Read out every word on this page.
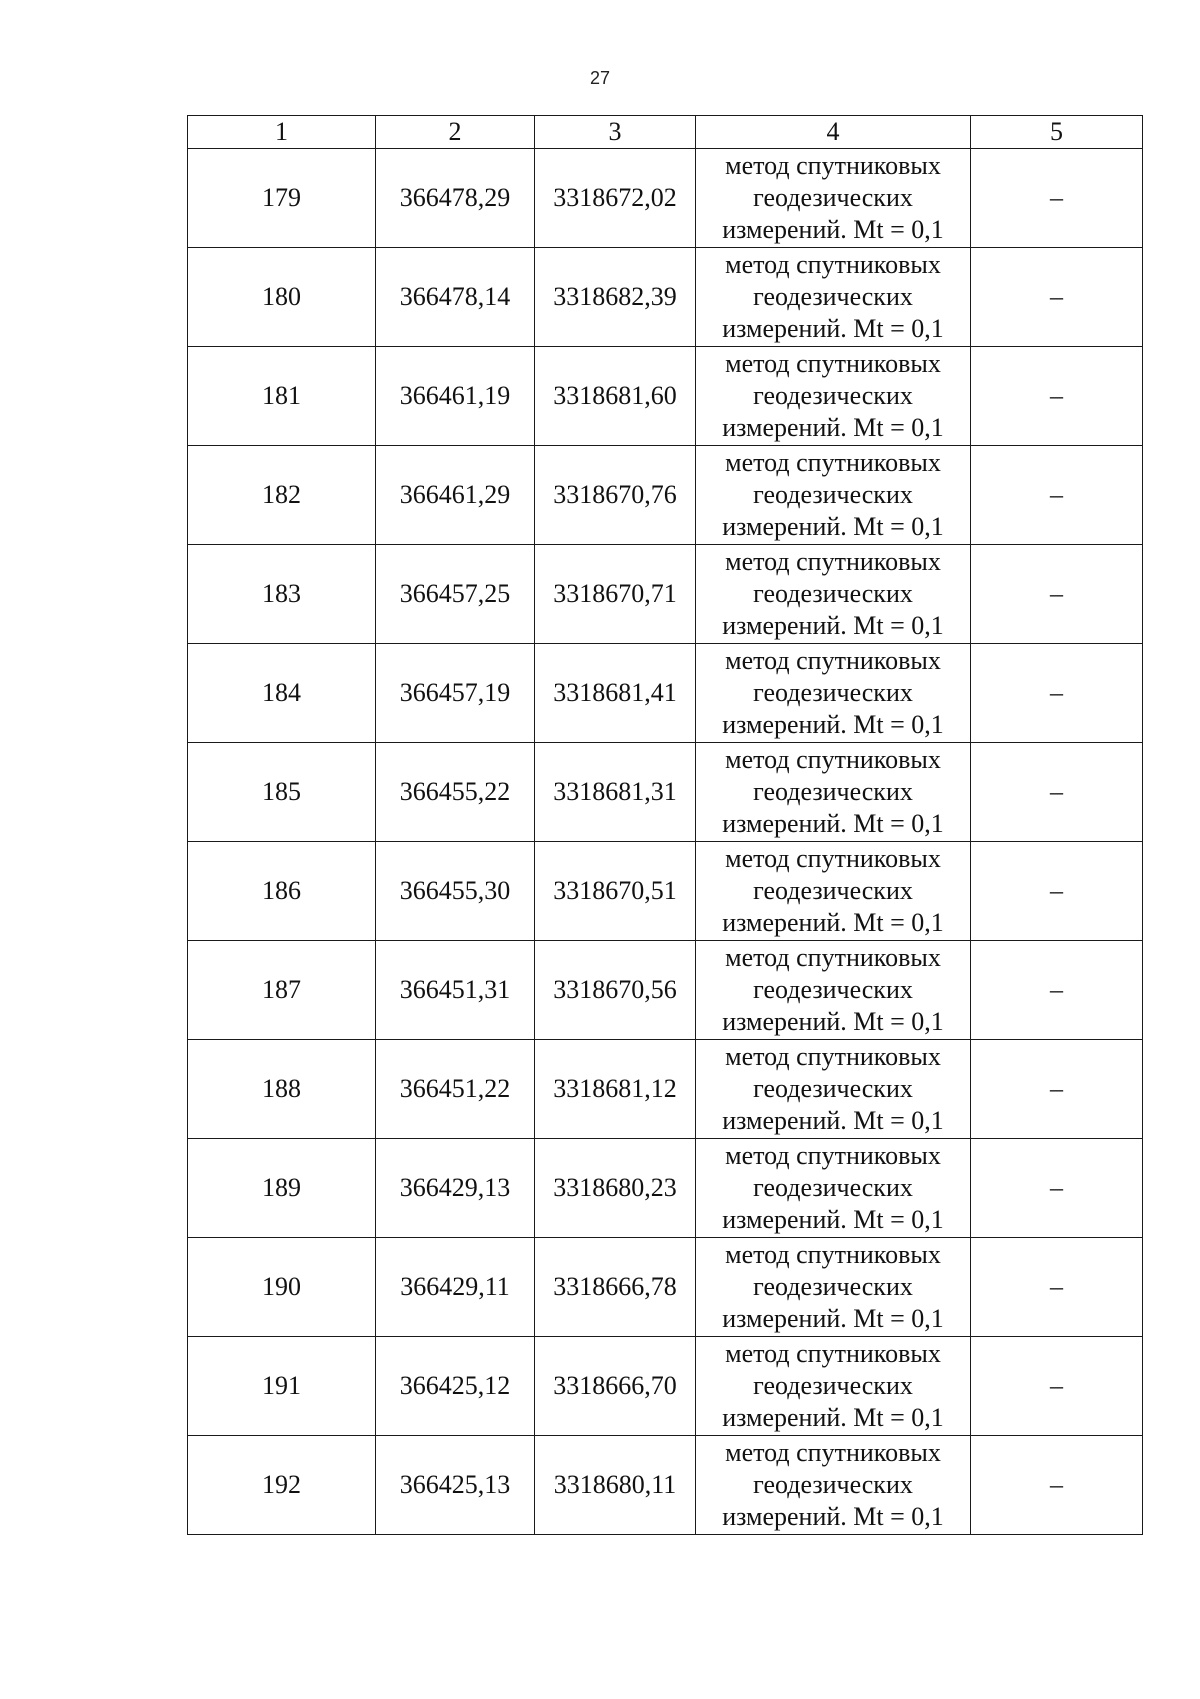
27
1	2	3	4	5
179	366478,29	3318672,02	метод спутниковых
геодезических
измерений. Mt = 0,1	–
180	366478,14	3318682,39	метод спутниковых
геодезических
измерений. Mt = 0,1	–
181	366461,19	3318681,60	метод спутниковых
геодезических
измерений. Mt = 0,1	–
182	366461,29	3318670,76	метод спутниковых
геодезических
измерений. Mt = 0,1	–
183	366457,25	3318670,71	метод спутниковых
геодезических
измерений. Mt = 0,1	–
184	366457,19	3318681,41	метод спутниковых
геодезических
измерений. Mt = 0,1	–
185	366455,22	3318681,31	метод спутниковых
геодезических
измерений. Mt = 0,1	–
186	366455,30	3318670,51	метод спутниковых
геодезических
измерений. Mt = 0,1	–
187	366451,31	3318670,56	метод спутниковых
геодезических
измерений. Mt = 0,1	–
188	366451,22	3318681,12	метод спутниковых
геодезических
измерений. Mt = 0,1	–
189	366429,13	3318680,23	метод спутниковых
геодезических
измерений. Mt = 0,1	–
190	366429,11	3318666,78	метод спутниковых
геодезических
измерений. Mt = 0,1	–
191	366425,12	3318666,70	метод спутниковых
геодезических
измерений. Mt = 0,1	–
192	366425,13	3318680,11	метод спутниковых
геодезических
измерений. Mt = 0,1	–
